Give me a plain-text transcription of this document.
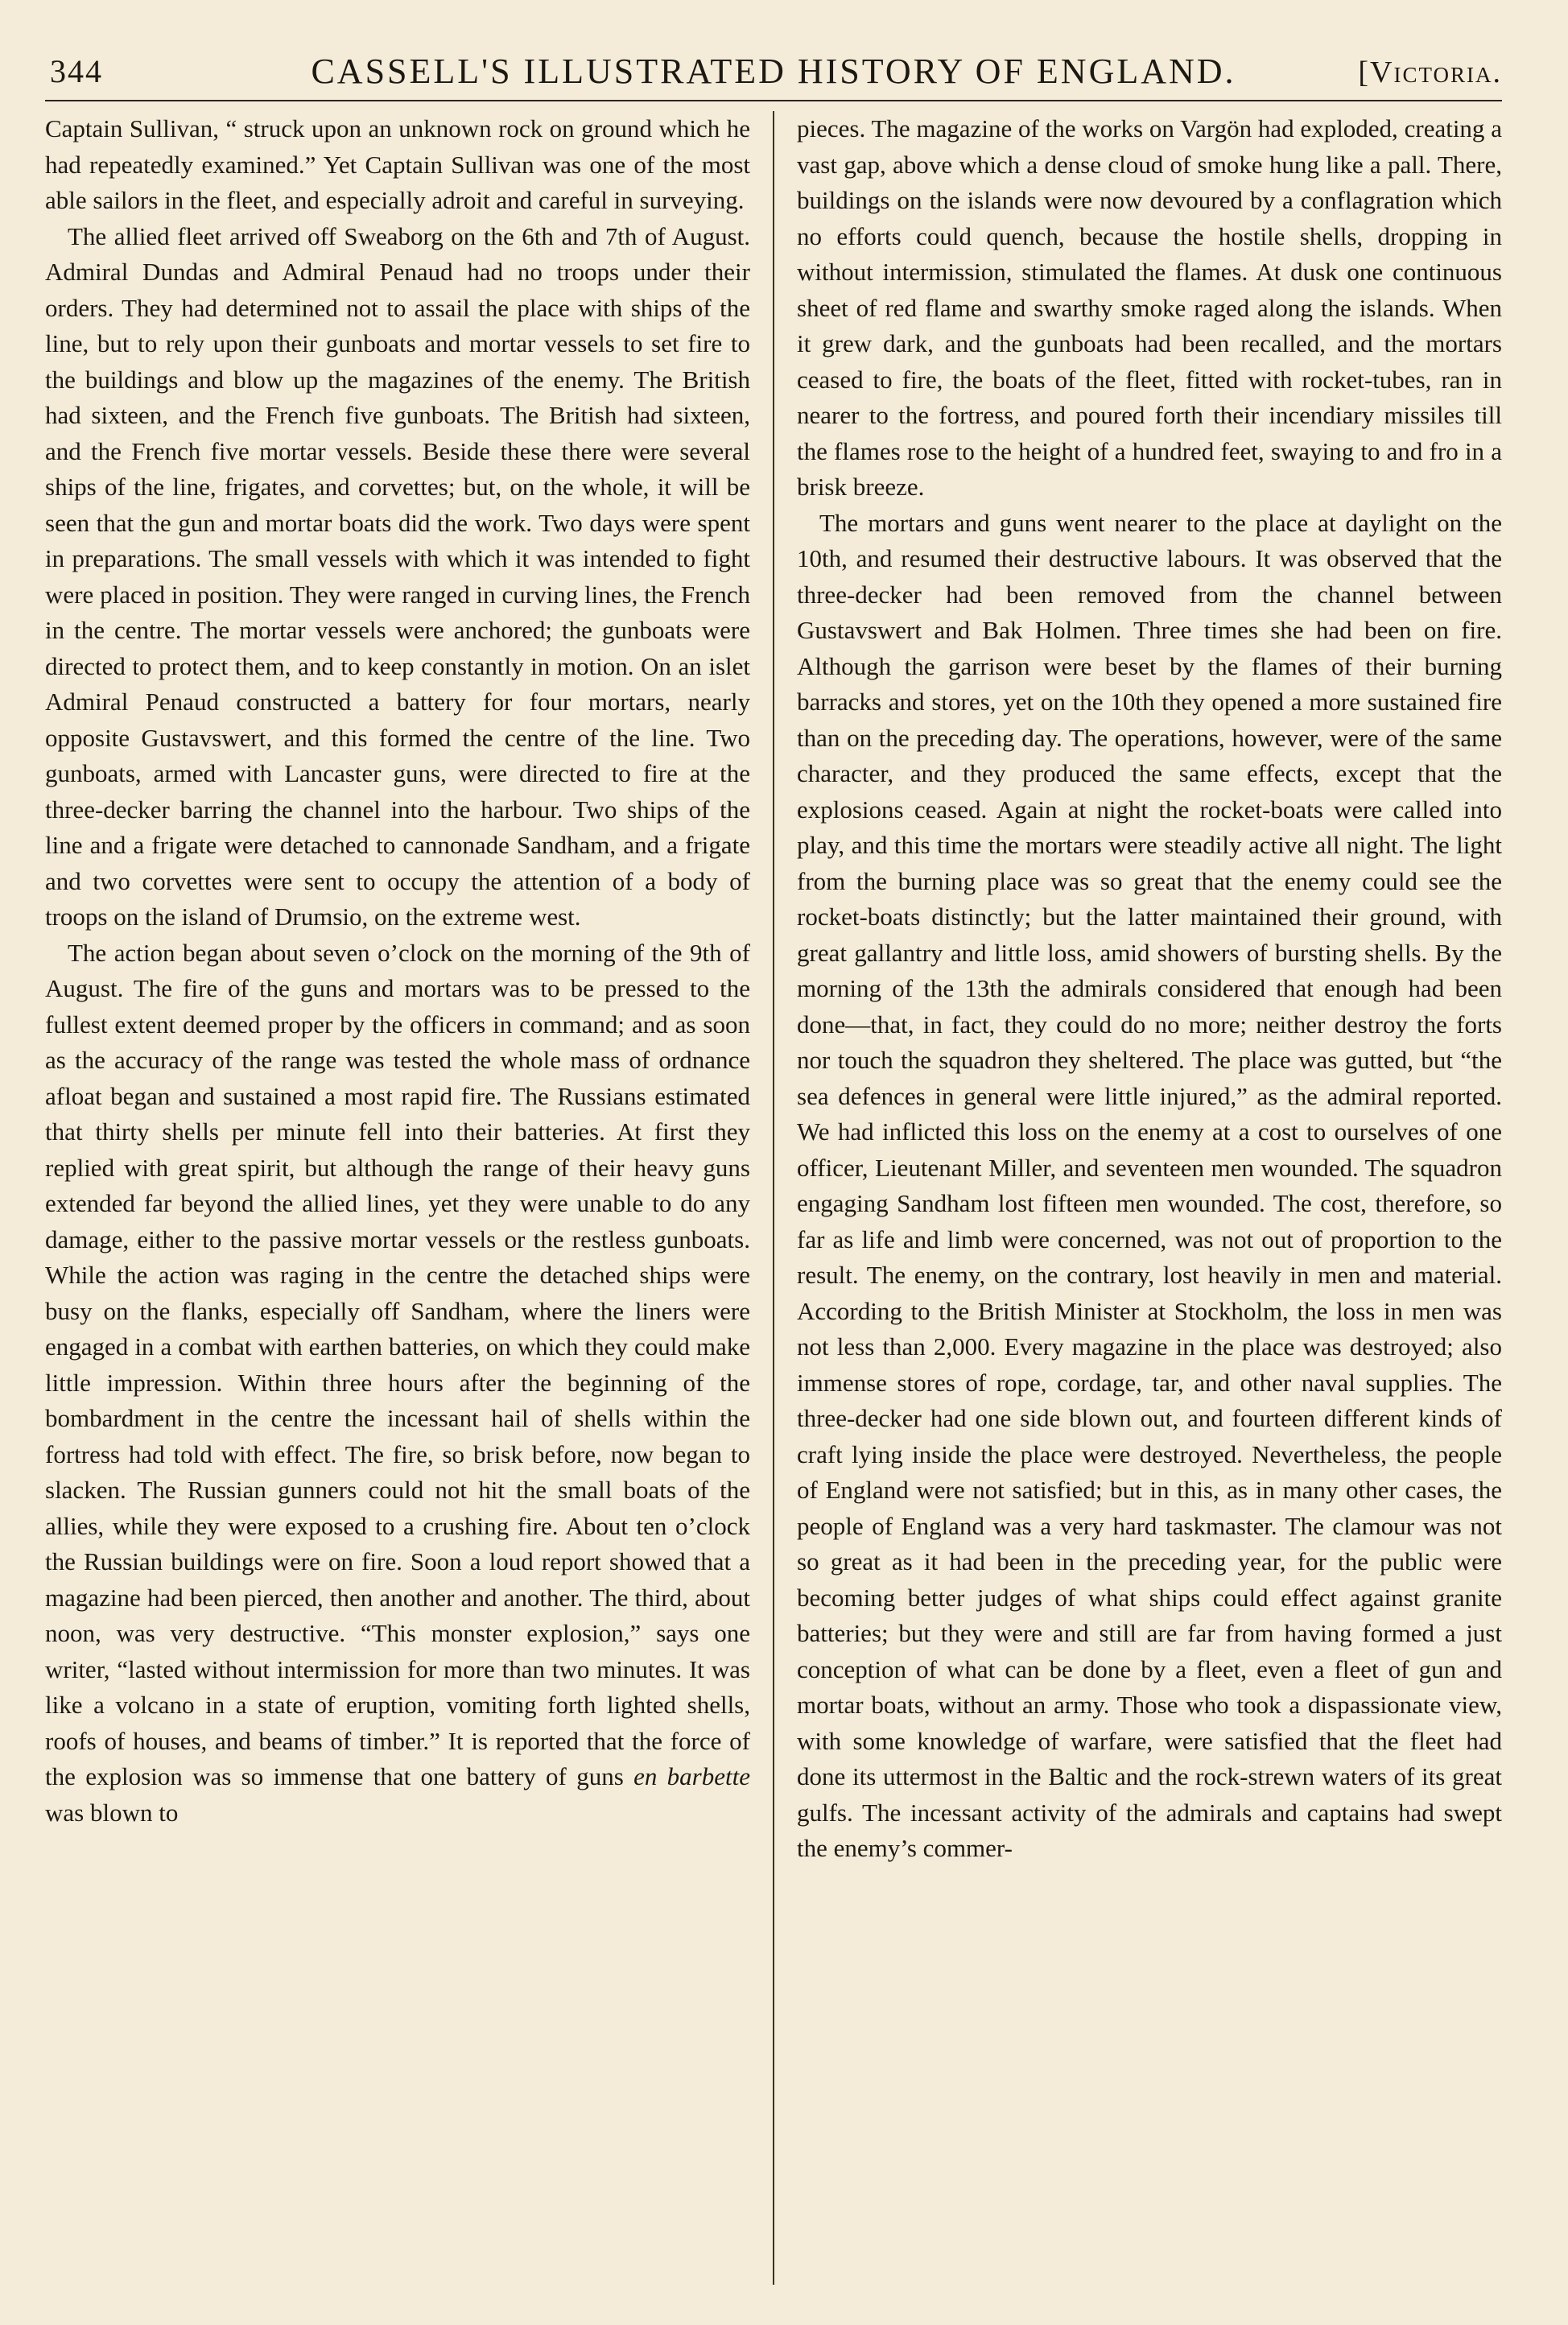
344	CASSELL'S ILLUSTRATED HISTORY OF ENGLAND.	[Victoria.

Captain Sullivan, “ struck upon an unknown rock on ground which he had repeatedly examined.” Yet Captain Sullivan was one of the most able sailors in the fleet, and especially adroit and careful in surveying.

The allied fleet arrived off Sweaborg on the 6th and 7th of August. Admiral Dundas and Admiral Penaud had no troops under their orders. They had determined not to assail the place with ships of the line, but to rely upon their gunboats and mortar vessels to set fire to the buildings and blow up the magazines of the enemy. The British had sixteen, and the French five gunboats. The British had sixteen, and the French five mortar vessels. Beside these there were several ships of the line, frigates, and corvettes; but, on the whole, it will be seen that the gun and mortar boats did the work. Two days were spent in preparations. The small vessels with which it was intended to fight were placed in position. They were ranged in curving lines, the French in the centre. The mortar vessels were anchored; the gunboats were directed to protect them, and to keep constantly in motion. On an islet Admiral Penaud constructed a battery for four mortars, nearly opposite Gustavswert, and this formed the centre of the line. Two gunboats, armed with Lancaster guns, were directed to fire at the three-decker barring the channel into the harbour. Two ships of the line and a frigate were detached to cannonade Sandham, and a frigate and two corvettes were sent to occupy the attention of a body of troops on the island of Drumsio, on the extreme west.

The action began about seven o’clock on the morning of the 9th of August. The fire of the guns and mortars was to be pressed to the fullest extent deemed proper by the officers in command; and as soon as the accuracy of the range was tested the whole mass of ordnance afloat began and sustained a most rapid fire. The Russians estimated that thirty shells per minute fell into their batteries. At first they replied with great spirit, but although the range of their heavy guns extended far beyond the allied lines, yet they were unable to do any damage, either to the passive mortar vessels or the restless gunboats. While the action was raging in the centre the detached ships were busy on the flanks, especially off Sandham, where the liners were engaged in a combat with earthen batteries, on which they could make little impression. Within three hours after the beginning of the bombardment in the centre the incessant hail of shells within the fortress had told with effect. The fire, so brisk before, now began to slacken. The Russian gunners could not hit the small boats of the allies, while they were exposed to a crushing fire. About ten o’clock the Russian buildings were on fire. Soon a loud report showed that a magazine had been pierced, then another and another. The third, about noon, was very destructive. “This monster explosion,” says one writer, “lasted without intermission for more than two minutes. It was like a volcano in a state of eruption, vomiting forth lighted shells, roofs of houses, and beams of timber.” It is reported that the force of the explosion was so immense that one battery of guns en barbette was blown to

pieces. The magazine of the works on Vargön had exploded, creating a vast gap, above which a dense cloud of smoke hung like a pall. There, buildings on the islands were now devoured by a conflagration which no efforts could quench, because the hostile shells, dropping in without intermission, stimulated the flames. At dusk one continuous sheet of red flame and swarthy smoke raged along the islands. When it grew dark, and the gunboats had been recalled, and the mortars ceased to fire, the boats of the fleet, fitted with rocket-tubes, ran in nearer to the fortress, and poured forth their incendiary missiles till the flames rose to the height of a hundred feet, swaying to and fro in a brisk breeze.

The mortars and guns went nearer to the place at daylight on the 10th, and resumed their destructive labours. It was observed that the three-decker had been removed from the channel between Gustavswert and Bak Holmen. Three times she had been on fire. Although the garrison were beset by the flames of their burning barracks and stores, yet on the 10th they opened a more sustained fire than on the preceding day. The operations, however, were of the same character, and they produced the same effects, except that the explosions ceased. Again at night the rocket-boats were called into play, and this time the mortars were steadily active all night. The light from the burning place was so great that the enemy could see the rocket-boats distinctly; but the latter maintained their ground, with great gallantry and little loss, amid showers of bursting shells. By the morning of the 13th the admirals considered that enough had been done—that, in fact, they could do no more; neither destroy the forts nor touch the squadron they sheltered. The place was gutted, but “the sea defences in general were little injured,” as the admiral reported. We had inflicted this loss on the enemy at a cost to ourselves of one officer, Lieutenant Miller, and seventeen men wounded. The squadron engaging Sandham lost fifteen men wounded. The cost, therefore, so far as life and limb were concerned, was not out of proportion to the result. The enemy, on the contrary, lost heavily in men and material. According to the British Minister at Stockholm, the loss in men was not less than 2,000. Every magazine in the place was destroyed; also immense stores of rope, cordage, tar, and other naval supplies. The three-decker had one side blown out, and fourteen different kinds of craft lying inside the place were destroyed. Nevertheless, the people of England were not satisfied; but in this, as in many other cases, the people of England was a very hard taskmaster. The clamour was not so great as it had been in the preceding year, for the public were becoming better judges of what ships could effect against granite batteries; but they were and still are far from having formed a just conception of what can be done by a fleet, even a fleet of gun and mortar boats, without an army. Those who took a dispassionate view, with some knowledge of warfare, were satisfied that the fleet had done its uttermost in the Baltic and the rock-strewn waters of its great gulfs. The incessant activity of the admirals and captains had swept the enemy’s commer-
